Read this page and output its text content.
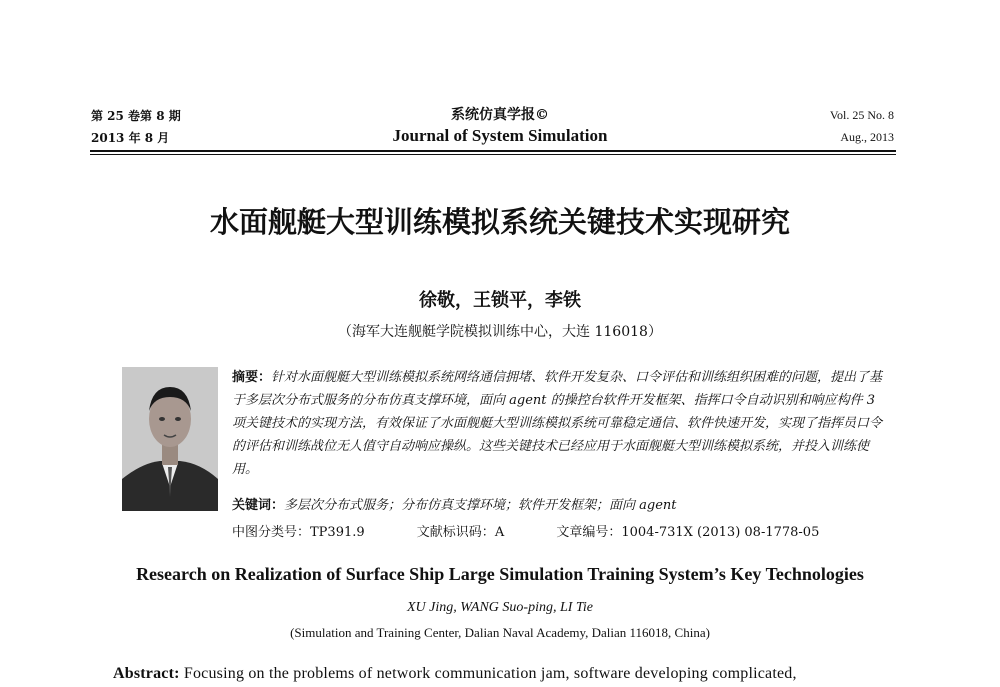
第 25 卷第 8 期
2013 年 8 月
系统仿真学报©
Journal of System Simulation
Vol. 25 No. 8
Aug., 2013
水面舰艇大型训练模拟系统关键技术实现研究
徐敬，王锁平，李铁
（海军大连舰艇学院模拟训练中心，大连 116018）
摘要：针对水面舰艇大型训练模拟系统网络通信拥堵、软件开发复杂、口令评估和训练组织困难的问题，提出了基于多层次分布式服务的分布仿真支撑环境，面向 agent 的操控台软件开发框架、指挥口令自动识别和响应构件 3 项关键技术的实现方法，有效保证了水面舰艇大型训练模拟系统可靠稳定通信、软件快速开发，实现了指挥员口令的评估和训练战位无人值守自动响应操纵。这些关键技术已经应用于水面舰艇大型训练模拟系统，并投入训练使用。
关键词：多层次分布式服务；分布仿真支撑环境；软件开发框架；面向 agent
中图分类号：TP391.9	文献标识码：A	文章编号：1004-731X (2013) 08-1778-05
Research on Realization of Surface Ship Large Simulation Training System’s Key Technologies
XU Jing, WANG Suo-ping, LI Tie
(Simulation and Training Center, Dalian Naval Academy, Dalian 116018, China)
Abstract: Focusing on the problems of network communication jam, software developing complicated,
